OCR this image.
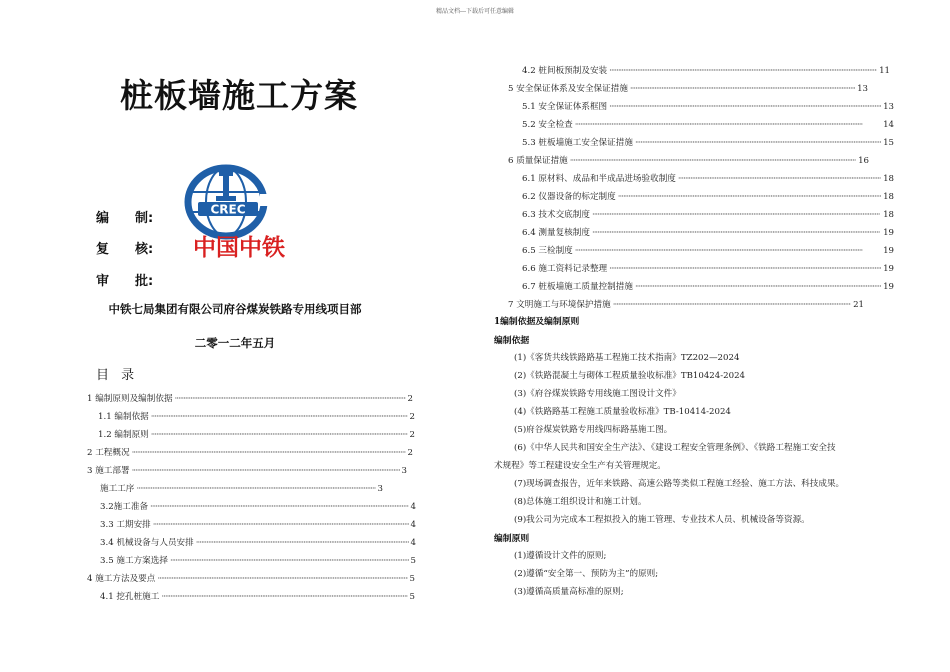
精品文档---下载后可任意编辑
桩板墙施工方案
CREC
中国中铁
编　　制:
复　　核:
审　　批:
中铁七局集团有限公司府谷煤炭铁路专用线项目部
二零一二年五月
目 录
1 编制原则及编制依据 ·····	2
1.1 编制依据 ·····	2
1.2 编制原则 ·····	2
2 工程概况 ·····	2
3 施工部署 ·····	3
施工工序 ·····	3
3.2施工准备 ·····	4
3.3 工期安排 ·····	4
3.4 机械设备与人员安排 ·····	4
3.5 施工方案选择 ·····	5
4 施工方法及要点 ·····	5
4.1 挖孔桩施工 ·····	5
4.2 桩间板预制及安装 ·····	11
5 安全保证体系及安全保证措施 ·····	13
5.1 安全保证体系框图 ·····	13
5.2 安全检查 ·····	14
5.3 桩板墙施工安全保证措施 ·····	15
6 质量保证措施 ·····	16
6.1 原材料、成品和半成品进场验收制度 ·····	18
6.2 仪器设备的标定制度 ·····	18
6.3 技术交底制度 ·····	18
6.4 测量复核制度 ·····	19
6.5 三检制度 ·····	19
6.6 施工资料记录整理 ·····	19
6.7 桩板墙施工质量控制措施 ·····	19
7 文明施工与环境保护措施 ·····	21
1编制依据及编制原则
编制依据
(1)《客货共线铁路路基工程施工技术指南》TZ202—2024
(2)《铁路混凝土与砌体工程质量验收标准》TB10424-2024
(3)《府谷煤炭铁路专用线施工图设计文件》
(4)《铁路路基工程施工质量验收标准》TB-10414-2024
(5)府谷煤炭铁路专用线四标路基施工图。
(6)《中华人民共和国安全生产法》、《建设工程安全管理条例》、《铁路工程施工安全技
术规程》等工程建设安全生产有关管理规定。
(7)现场调查报告，近年来铁路、高速公路等类似工程施工经验、施工方法、科技成果。
(8)总体施工组织设计和施工计划。
(9)我公司为完成本工程拟投入的施工管理、专业技术人员、机械设备等资源。
编制原则
(1)遵循设计文件的原则;
(2)遵循“安全第一、预防为主”的原则;
(3)遵循高质量高标准的原则;
